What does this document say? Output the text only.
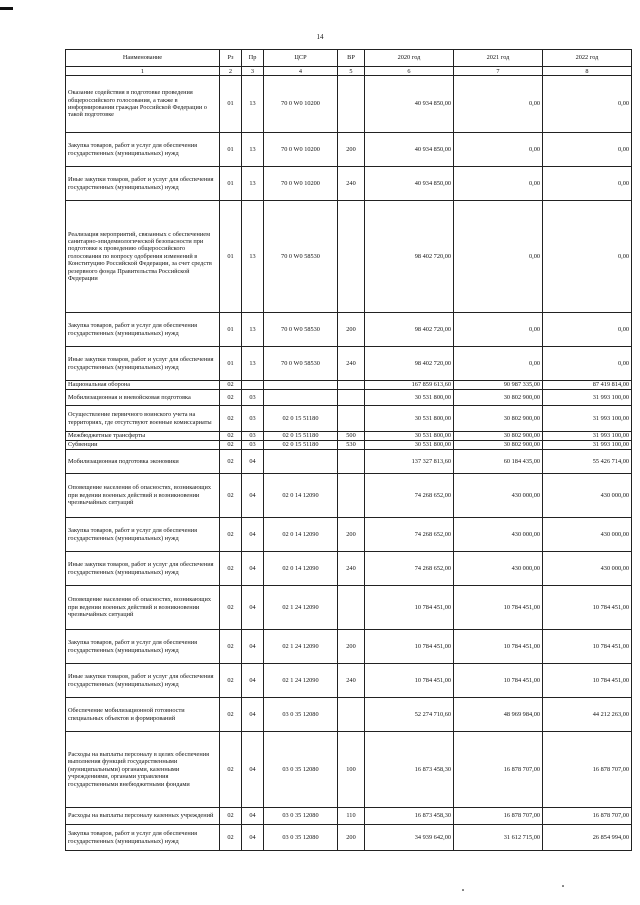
14
Наименование	Рз	Пр	ЦСР	ВР	2020 год	2021 год	2022 год
1	2	3	4	5	6	7	8
Оказание содействия в подготовке проведения общероссийского голосования, а также в информировании граждан Российской Федерации о такой подготовке	01	13	70 0 W0 10200		40 934 850,00	0,00	0,00
Закупка товаров, работ и услуг для обеспечения государственных (муниципальных) нужд	01	13	70 0 W0 10200	200	40 934 850,00	0,00	0,00
Иные закупки товаров, работ и услуг для обеспечения государственных (муниципальных) нужд	01	13	70 0 W0 10200	240	40 934 850,00	0,00	0,00
Реализация мероприятий, связанных с обеспечением санитарно-эпидемиологической безопасности при подготовке к проведению общероссийского голосования по вопросу одобрения изменений в Конституцию Российской Федерации, за счет средств резервного фонда Правительства Российской Федерации	01	13	70 0 W0 58530		98 402 720,00	0,00	0,00
Закупка товаров, работ и услуг для обеспечения государственных (муниципальных) нужд	01	13	70 0 W0 58530	200	98 402 720,00	0,00	0,00
Иные закупки товаров, работ и услуг для обеспечения государственных (муниципальных) нужд	01	13	70 0 W0 58530	240	98 402 720,00	0,00	0,00
Национальная оборона	02				167 859 613,60	90 987 335,00	87 419 814,00
Мобилизационная и вневойсковая подготовка	02	03			30 531 800,00	30 802 900,00	31 993 100,00
Осуществление первичного воинского учета на территориях, где отсутствуют военные комиссариаты	02	03	02 0 15 51180		30 531 800,00	30 802 900,00	31 993 100,00
Межбюджетные трансферты	02	03	02 0 15 51180	500	30 531 800,00	30 802 900,00	31 993 100,00
Субвенции	02	03	02 0 15 51180	530	30 531 800,00	30 802 900,00	31 993 100,00
Мобилизационная подготовка экономики	02	04			137 327 813,60	60 184 435,00	55 426 714,00
Оповещение населения об опасностях, возникающих при ведении военных действий и возникновении чрезвычайных ситуаций	02	04	02 0 14 12090		74 268 652,00	430 000,00	430 000,00
Закупка товаров, работ и услуг для обеспечения государственных (муниципальных) нужд	02	04	02 0 14 12090	200	74 268 652,00	430 000,00	430 000,00
Иные закупки товаров, работ и услуг для обеспечения государственных (муниципальных) нужд	02	04	02 0 14 12090	240	74 268 652,00	430 000,00	430 000,00
Оповещение населения об опасностях, возникающих при ведении военных действий и возникновении чрезвычайных ситуаций	02	04	02 1 24 12090		10 784 451,00	10 784 451,00	10 784 451,00
Закупка товаров, работ и услуг для обеспечения государственных (муниципальных) нужд	02	04	02 1 24 12090	200	10 784 451,00	10 784 451,00	10 784 451,00
Иные закупки товаров, работ и услуг для обеспечения государственных (муниципальных) нужд	02	04	02 1 24 12090	240	10 784 451,00	10 784 451,00	10 784 451,00
Обеспечение мобилизационной готовности специальных объектов и формирований	02	04	03 0 35 12080		52 274 710,60	48 969 984,00	44 212 263,00
Расходы на выплаты персоналу в целях обеспечения выполнения функций государственными (муниципальными) органами, казенными учреждениями, органами управления государственными внебюджетными фондами	02	04	03 0 35 12080	100	16 873 458,30	16 878 707,00	16 878 707,00
Расходы на выплаты персоналу казенных учреждений	02	04	03 0 35 12080	110	16 873 458,30	16 878 707,00	16 878 707,00
Закупка товаров, работ и услуг для обеспечения государственных (муниципальных) нужд	02	04	03 0 35 12080	200	34 939 642,00	31 612 715,00	26 854 994,00
